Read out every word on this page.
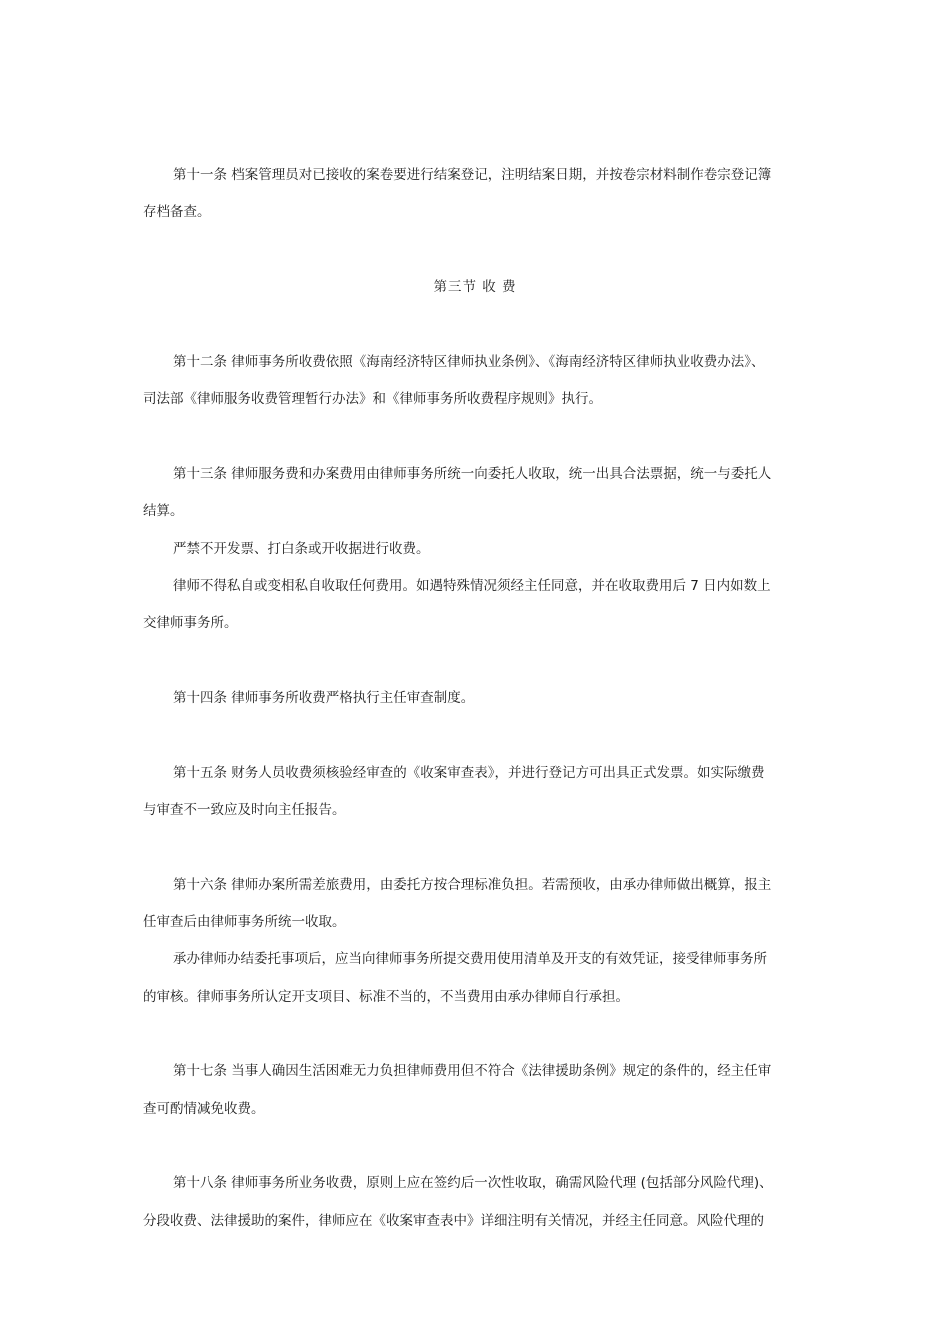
第十一条 档案管理员对已接收的案卷要进行结案登记，注明结案日期，并按卷宗材料制作卷宗登记簿
存档备查。
第三节 收 费
第十二条 律师事务所收费依照《海南经济特区律师执业条例》、《海南经济特区律师执业收费办法》、
司法部《律师服务收费管理暂行办法》和《律师事务所收费程序规则》执行。
第十三条 律师服务费和办案费用由律师事务所统一向委托人收取，统一出具合法票据，统一与委托人
结算。
严禁不开发票、打白条或开收据进行收费。
律师不得私自或变相私自收取任何费用。如遇特殊情况须经主任同意，并在收取费用后 7 日内如数上
交律师事务所。
第十四条 律师事务所收费严格执行主任审查制度。
第十五条 财务人员收费须核验经审查的《收案审查表》，并进行登记方可出具正式发票。如实际缴费
与审查不一致应及时向主任报告。
第十六条 律师办案所需差旅费用，由委托方按合理标准负担。若需预收，由承办律师做出概算，报主
任审查后由律师事务所统一收取。
承办律师办结委托事项后，应当向律师事务所提交费用使用清单及开支的有效凭证，接受律师事务所
的审核。律师事务所认定开支项目、标准不当的，不当费用由承办律师自行承担。
第十七条 当事人确因生活困难无力负担律师费用但不符合《法律援助条例》规定的条件的，经主任审
查可酌情减免收费。
第十八条 律师事务所业务收费，原则上应在签约后一次性收取，确需风险代理 (包括部分风险代理)、
分段收费、法律援助的案件，律师应在《收案审查表中》详细注明有关情况，并经主任同意。风险代理的
